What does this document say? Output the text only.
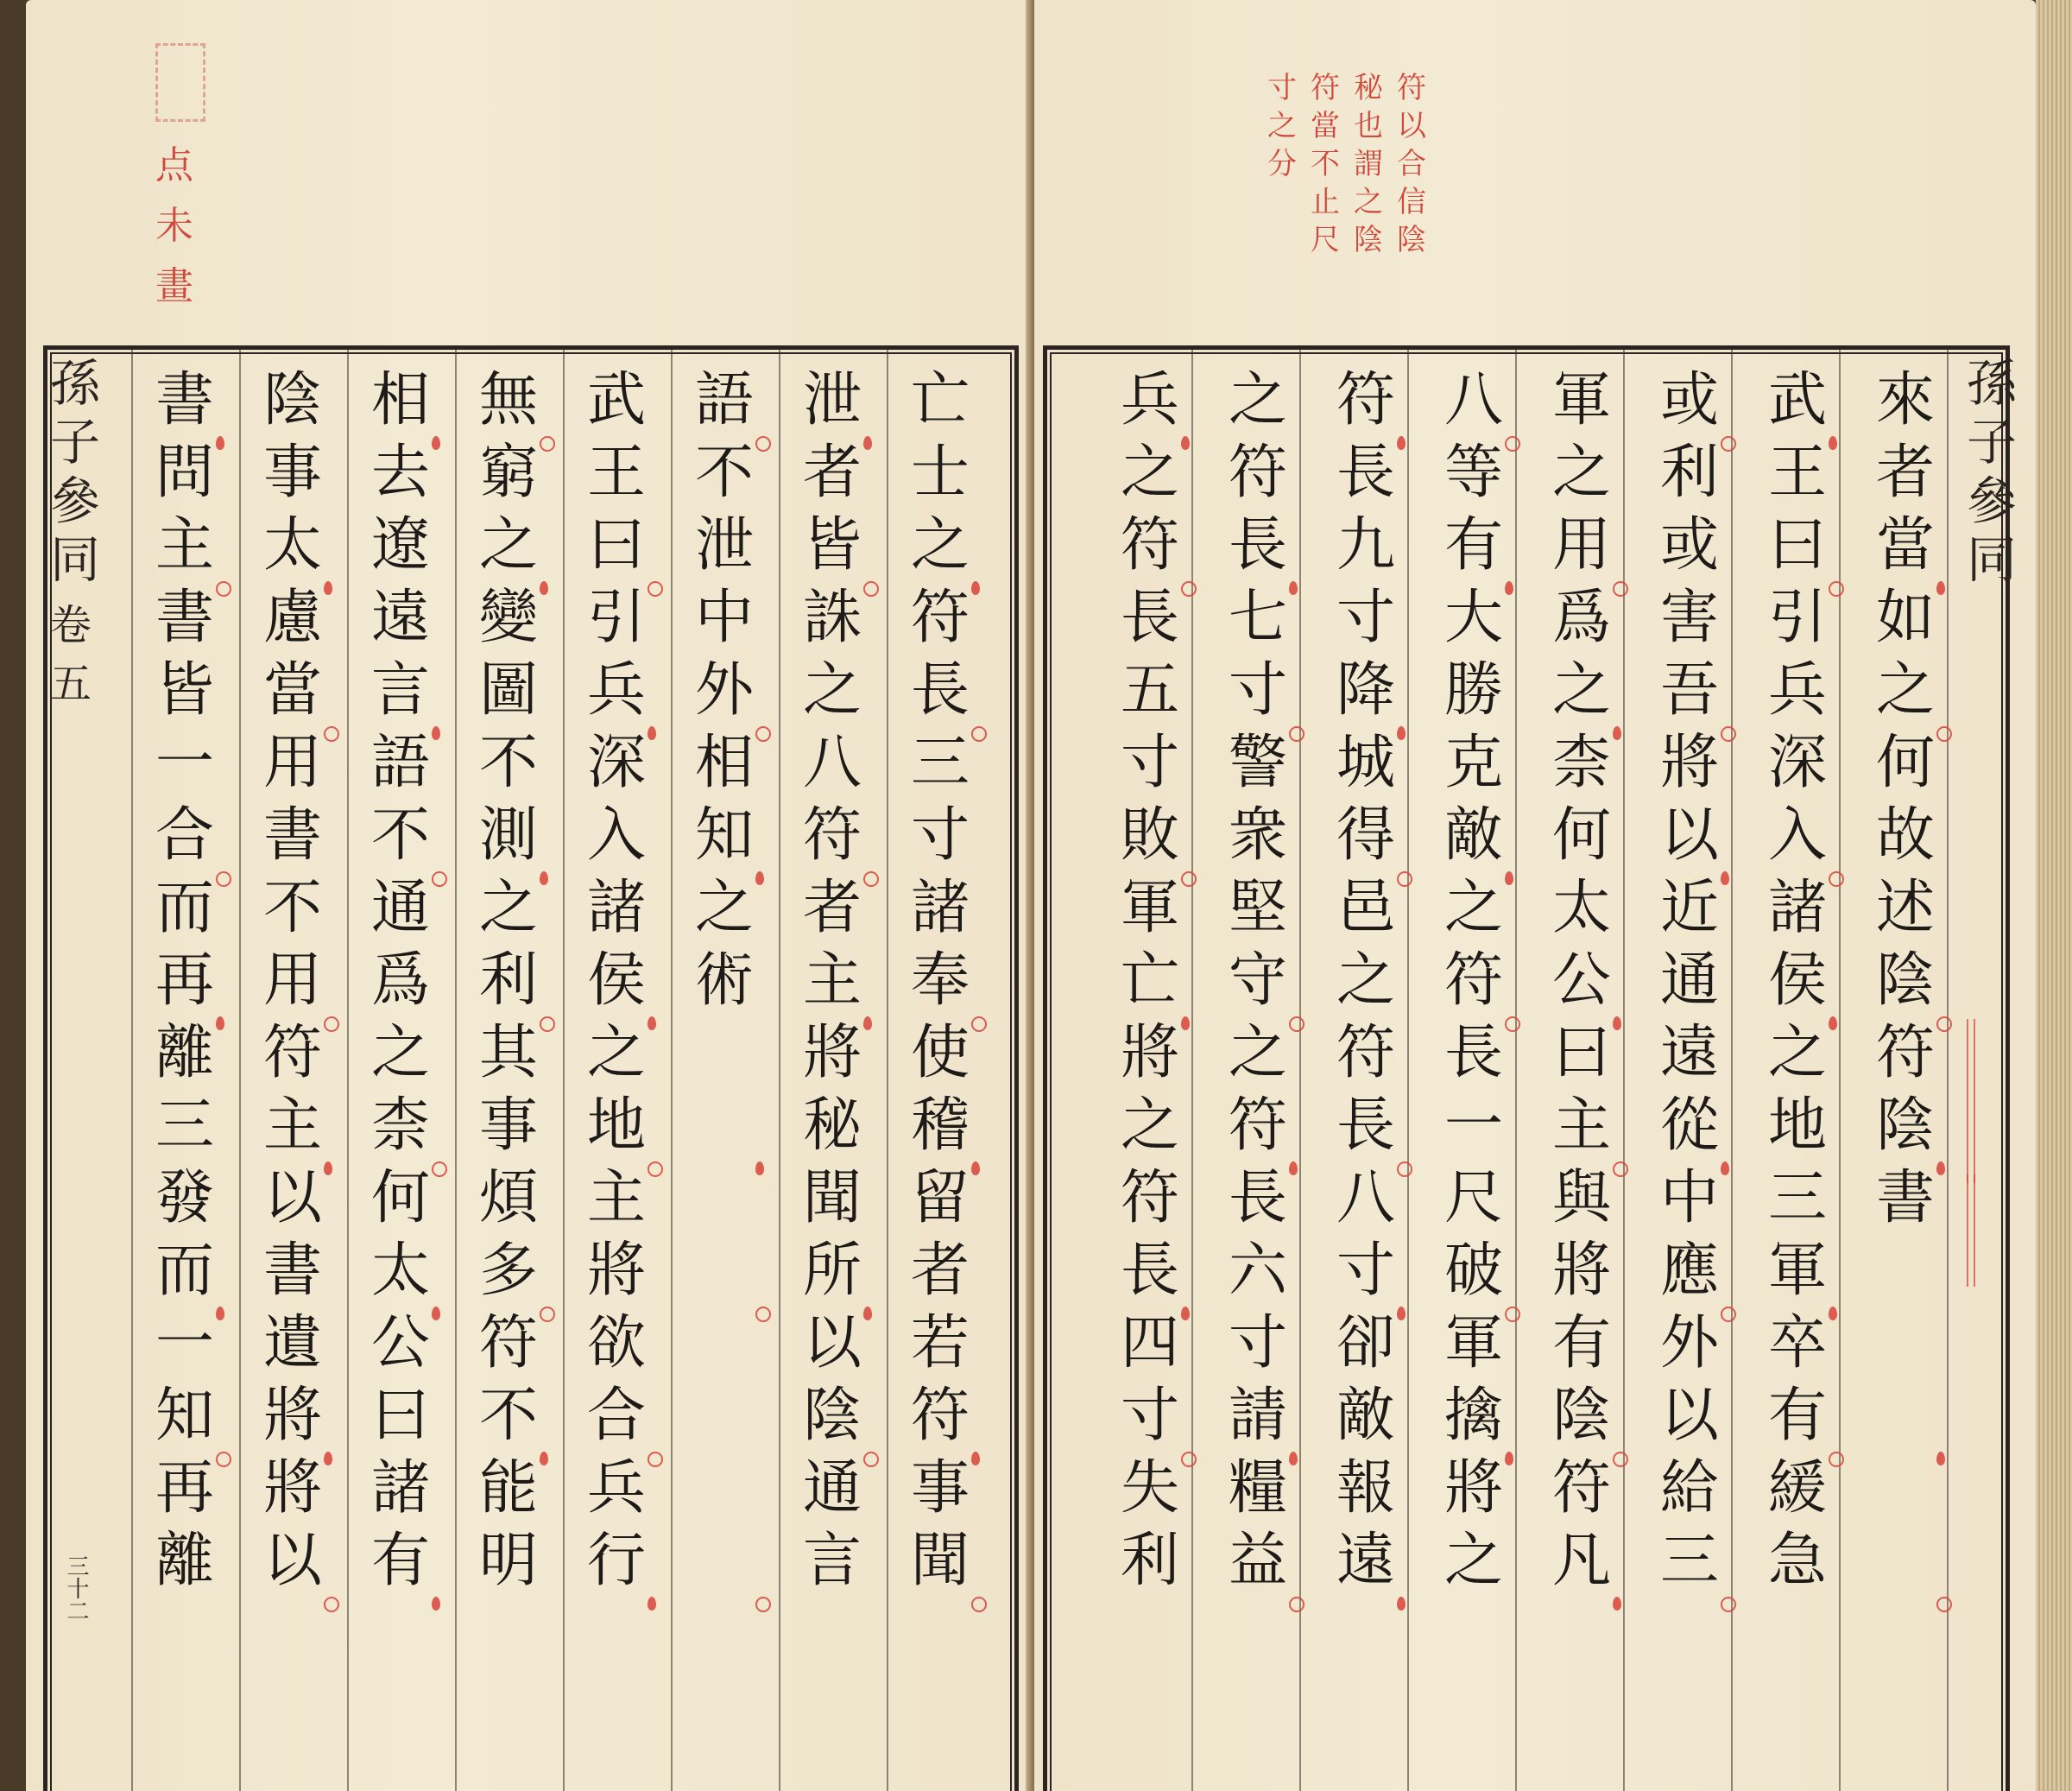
点
未
畫
亡
士
之
符
長
三
寸
諸
奉
使
稽
留
者
若
符
事
聞
泄
者
皆
誅
之
八
符
者
主
將
秘
聞
所
以
陰
通
言
語
不
泄
中
外
相
知
之
術
武
王
曰
引
兵
深
入
諸
侯
之
地
主
將
欲
合
兵
行
無
窮
之
變
圖
不
測
之
利
其
事
煩
多
符
不
能
明
相
去
遼
遠
言
語
不
通
爲
之
柰
何
太
公
曰
諸
有
陰
事
太
慮
當
用
書
不
用
符
主
以
書
遺
將
將
以
書
問
主
書
皆
一
合
而
再
離
三
發
而
一
知
再
離
孫
子
參
同
卷
五
三十二
符
以
合
信
陰
秘
也
謂
之
陰
符
當
不
止
尺
寸
之
分
來
者
當
如
之
何
故
述
陰
符
陰
書
武
王
曰
引
兵
深
入
諸
侯
之
地
三
軍
卒
有
緩
急
或
利
或
害
吾
將
以
近
通
遠
從
中
應
外
以
給
三
軍
之
用
爲
之
柰
何
太
公
曰
主
與
將
有
陰
符
凡
八
等
有
大
勝
克
敵
之
符
長
一
尺
破
軍
擒
將
之
符
長
九
寸
降
城
得
邑
之
符
長
八
寸
卻
敵
報
遠
之
符
長
七
寸
警
衆
堅
守
之
符
長
六
寸
請
糧
益
兵
之
符
長
五
寸
敗
軍
亡
將
之
符
長
四
寸
失
利
孫
子
參
同
